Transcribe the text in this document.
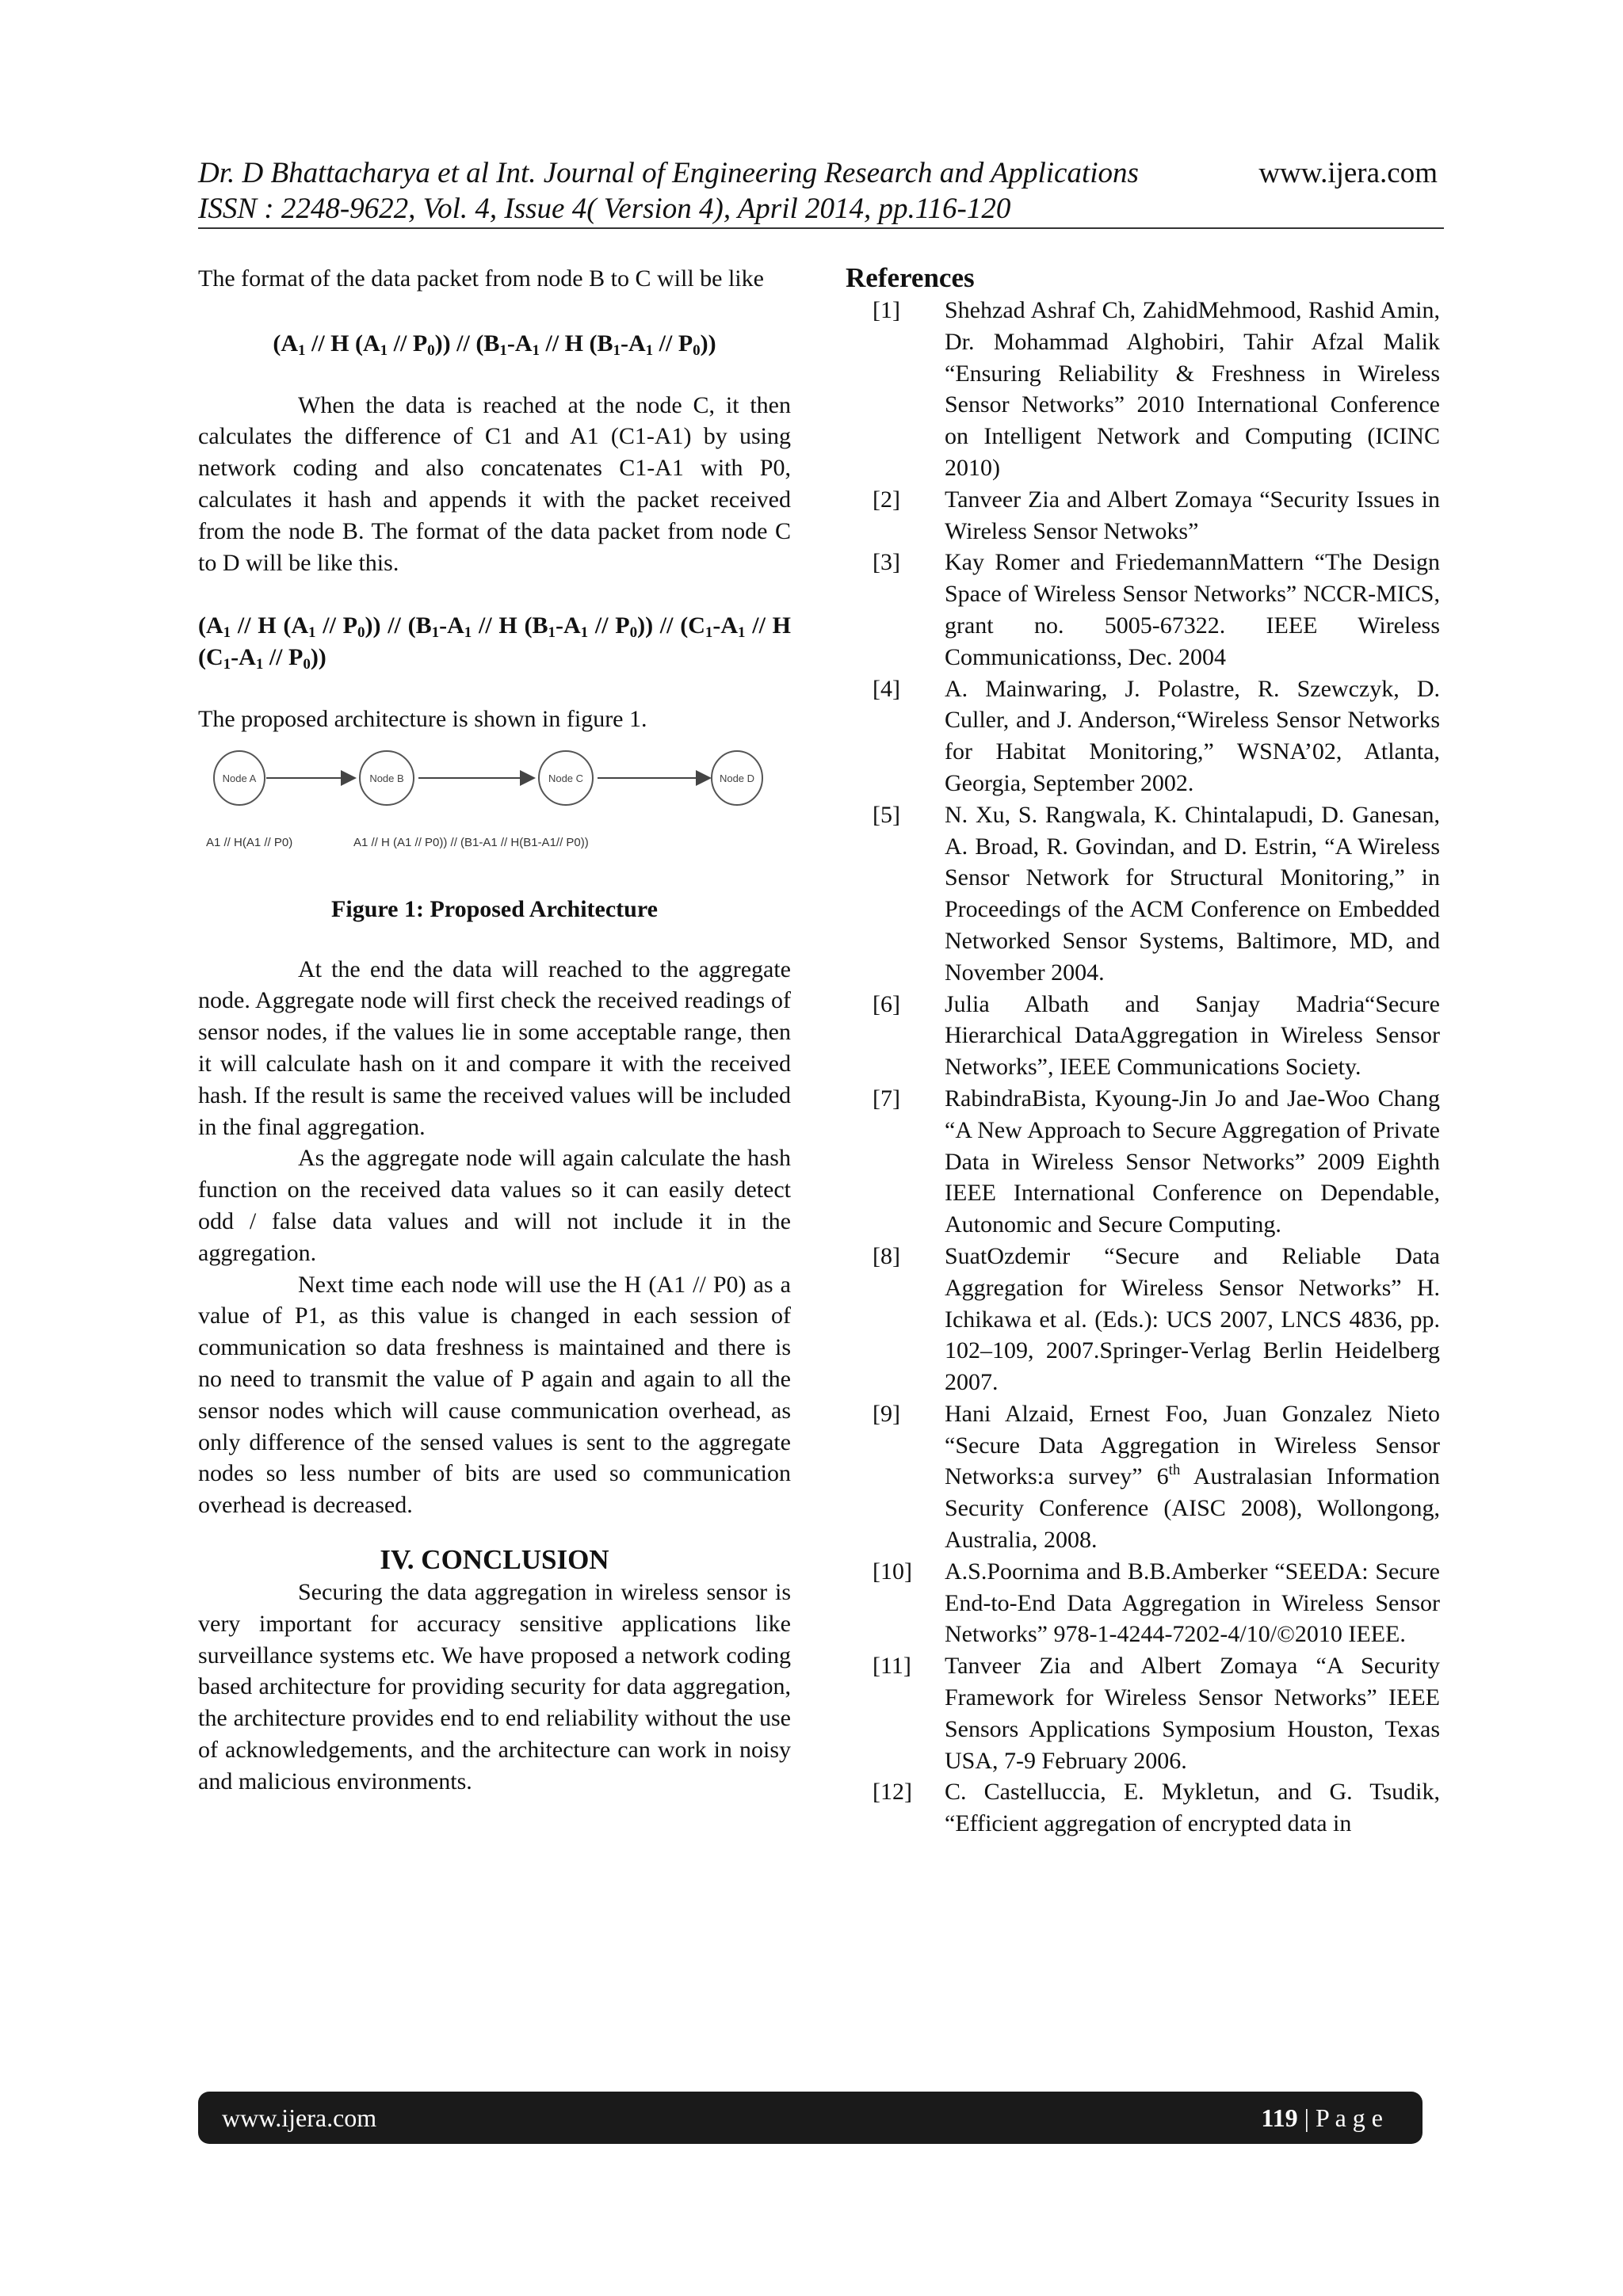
Dr. D Bhattacharya et al Int. Journal of Engineering Research and Applications	www.ijera.com
ISSN : 2248-9622, Vol. 4, Issue 4( Version 4), April 2014, pp.116-120

The format of the data packet from node B to C will be like

($A_1$ // H $(A_1 // P_0)) // (B_1-A_1$ // H $(B_1-A_1 // P_0)$)

When the data is reached at the node C, it then calculates the difference of C1 and A1 (C1-A1) by using network coding and also concatenates C1-A1 with P0, calculates it hash and appends it with the packet received from the node B. The format of the data packet from node C to D will be like this.

($A_1$ // H $(A_1 // P_0)) // (B_1-A_1$ // H $(B_1-A_1 // P_0)) // (C_1-A_1$ // H $(C_1-A_1 // P_0)$)

The proposed architecture is shown in figure 1.

Node A	Node B	Node C	Node D
A1 // H(A1 // P0)	A1 // H (A1 // P0)) // (B1-A1 // H(B1-A1// P0))

Figure 1: Proposed Architecture

At the end the data will reached to the aggregate node. Aggregate node will first check the received readings of sensor nodes, if the values lie in some acceptable range, then it will calculate hash on it and compare it with the received hash. If the result is same the received values will be included in the final aggregation.

As the aggregate node will again calculate the hash function on the received data values so it can easily detect odd / false data values and will not include it in the aggregation.

Next time each node will use the H (A1 // P0) as a value of P1, as this value is changed in each session of communication so data freshness is maintained and there is no need to transmit the value of P again and again to all the sensor nodes which will cause communication overhead, as only difference of the sensed values is sent to the aggregate nodes so less number of bits are used so communication overhead is decreased.

IV. CONCLUSION

Securing the data aggregation in wireless sensor is very important for accuracy sensitive applications like surveillance systems etc. We have proposed a network coding based architecture for providing security for data aggregation, the architecture provides end to end reliability without the use of acknowledgements, and the architecture can work in noisy and malicious environments.

References
[1]	Shehzad Ashraf Ch, ZahidMehmood, Rashid Amin, Dr. Mohammad Alghobiri, Tahir Afzal Malik “Ensuring Reliability & Freshness in Wireless Sensor Networks” 2010 International Conference on Intelligent Network and Computing (ICINC 2010)
[2]	Tanveer Zia and Albert Zomaya “Security Issues in Wireless Sensor Netwoks”
[3]	Kay Romer and FriedemannMattern “The Design Space of Wireless Sensor Networks” NCCR-MICS, grant no. 5005-67322. IEEE Wireless Communicationss, Dec. 2004
[4]	A. Mainwaring, J. Polastre, R. Szewczyk, D. Culler, and J. Anderson,“Wireless Sensor Networks for Habitat Monitoring,” WSNA’02, Atlanta, Georgia, September 2002.
[5]	N. Xu, S. Rangwala, K. Chintalapudi, D. Ganesan, A. Broad, R. Govindan, and D. Estrin, “A Wireless Sensor Network for Structural Monitoring,” in Proceedings of the ACM Conference on Embedded Networked Sensor Systems, Baltimore, MD, and November 2004.
[6]	Julia Albath and Sanjay Madria“Secure Hierarchical DataAggregation in Wireless Sensor Networks”, IEEE Communications Society.
[7]	RabindraBista, Kyoung-Jin Jo and Jae-Woo Chang “A New Approach to Secure Aggregation of Private Data in Wireless Sensor Networks” 2009 Eighth IEEE International Conference on Dependable, Autonomic and Secure Computing.
[8]	SuatOzdemir “Secure and Reliable Data Aggregation for Wireless Sensor Networks” H. Ichikawa et al. (Eds.): UCS 2007, LNCS 4836, pp. 102–109, 2007.Springer-Verlag Berlin Heidelberg 2007.
[9]	Hani Alzaid, Ernest Foo, Juan Gonzalez Nieto “Secure Data Aggregation in Wireless Sensor Networks:a survey” 6th Australasian Information Security Conference (AISC 2008), Wollongong, Australia, 2008.
[10]	A.S.Poornima and B.B.Amberker “SEEDA: Secure End-to-End Data Aggregation in Wireless Sensor Networks” 978-1-4244-7202-4/10/©2010 IEEE.
[11]	Tanveer Zia and Albert Zomaya “A Security Framework for Wireless Sensor Networks” IEEE Sensors Applications Symposium Houston, Texas USA, 7-9 February 2006.
[12]	C. Castelluccia, E. Mykletun, and G. Tsudik, “Efficient aggregation of encrypted data in
www.ijera.com	119 | P a g e
